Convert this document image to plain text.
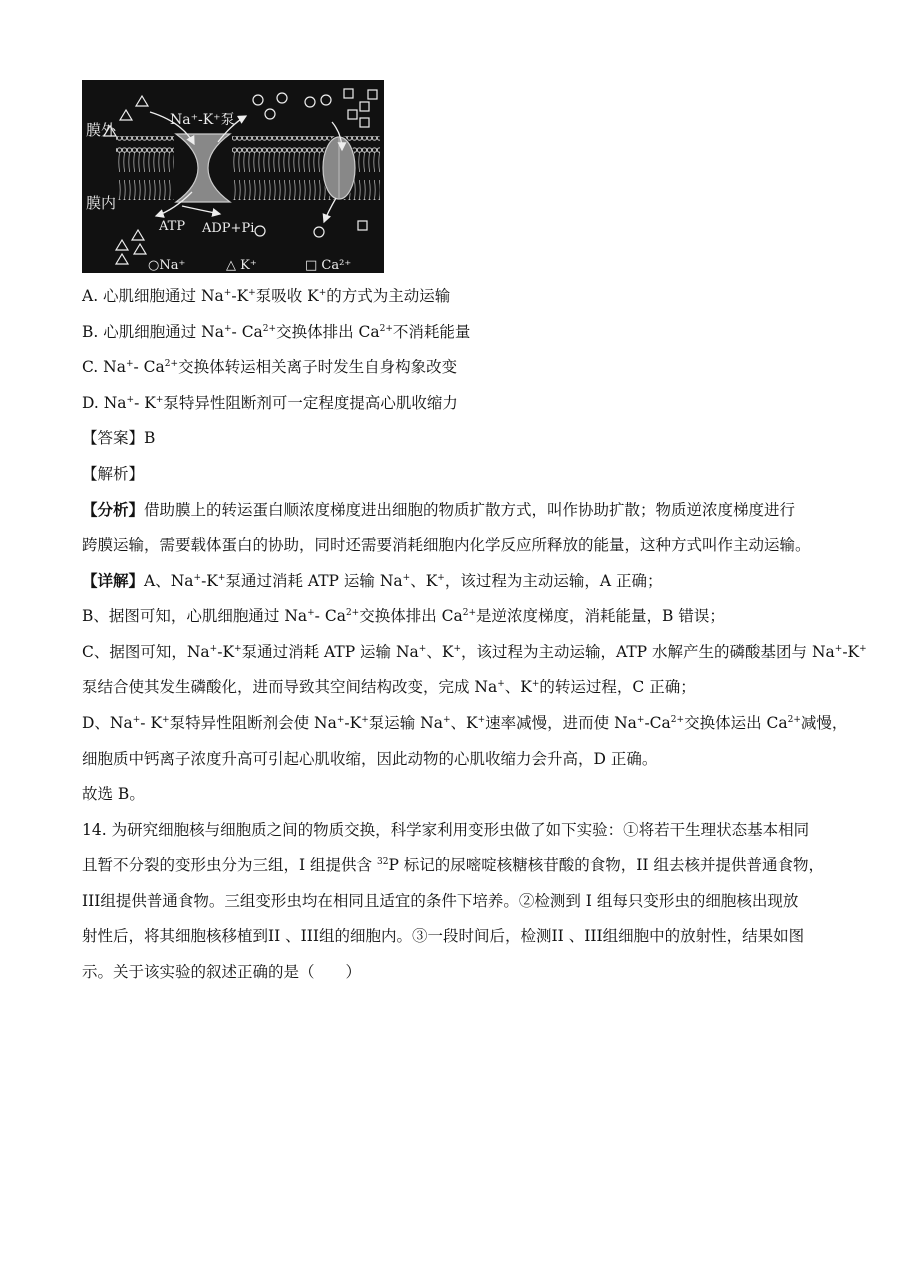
膜外
膜内
Na⁺-K⁺泵
ATP ADP+Pi
○Na⁺	△ K⁺	□ Ca²⁺
A. 心肌细胞通过 Na+-K+泵吸收 K+的方式为主动运输
B. 心肌细胞通过 Na+- $Ca^{2+}$交换体排出 $Ca^{2+}$不消耗能量
C. Na+- $Ca^{2+}$交换体转运相关离子时发生自身构象改变
D. Na+- K+泵特异性阻断剂可一定程度提高心肌收缩力
【答案】B
【解析】
【分析】借助膜上的转运蛋白顺浓度梯度进出细胞的物质扩散方式，叫作协助扩散；物质逆浓度梯度进行
跨膜运输，需要载体蛋白的协助，同时还需要消耗细胞内化学反应所释放的能量，这种方式叫作主动运输。
【详解】A、Na+-K+泵通过消耗 ATP 运输 Na+、K+，该过程为主动运输，A 正确；
B、据图可知，心肌细胞通过 Na+- $Ca^{2+}$交换体排出 $Ca^{2+}$是逆浓度梯度，消耗能量，B 错误；
C、据图可知，Na+-K+泵通过消耗 ATP 运输 Na+、K+，该过程为主动运输，ATP 水解产生的磷酸基团与 Na+-K+
泵结合使其发生磷酸化，进而导致其空间结构改变，完成 Na+、K+的转运过程，C 正确；
D、Na+- K+泵特异性阻断剂会使 Na+-K+泵运输 Na+、K+速率减慢，进而使 $Na^+-Ca^{2+}$交换体运出 $Ca^{2+}$减慢，
细胞质中钙离子浓度升高可引起心肌收缩，因此动物的心肌收缩力会升高，D 正确。
故选 B。
14. 为研究细胞核与细胞质之间的物质交换，科学家利用变形虫做了如下实验：①将若干生理状态基本相同
且暂不分裂的变形虫分为三组，I 组提供含 $^{32}$P 标记的尿嘧啶核糖核苷酸的食物，II 组去核并提供普通食物，
III组提供普通食物。三组变形虫均在相同且适宜的条件下培养。②检测到 I 组每只变形虫的细胞核出现放
射性后，将其细胞核移植到II 、III组的细胞内。③一段时间后，检测II 、III组细胞中的放射性，结果如图
示。关于该实验的叙述正确的是（　　）
